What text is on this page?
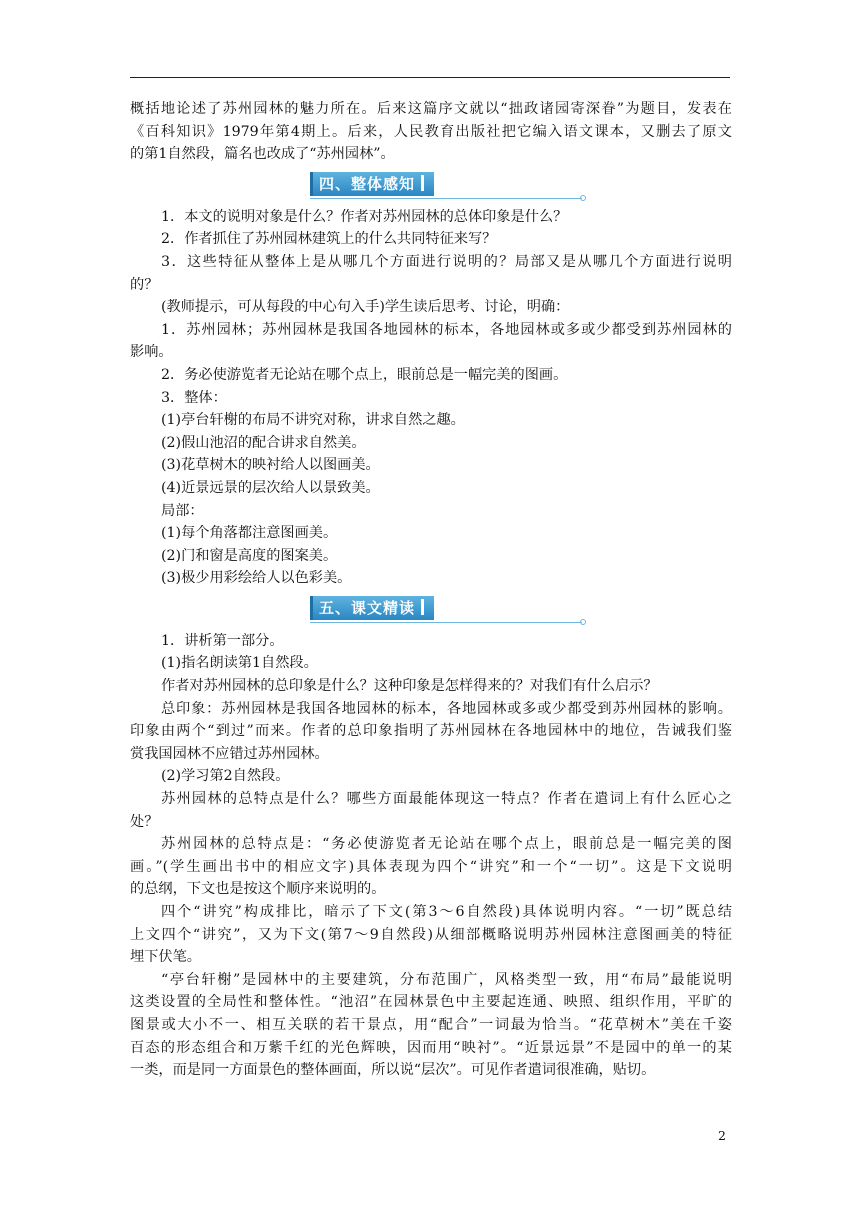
概括地论述了苏州园林的魅力所在。后来这篇序文就以“拙政诸园寄深眷”为题目，发表在
《百科知识》1979年第4期上。后来，人民教育出版社把它编入语文课本，又删去了原文
的第1自然段，篇名也改成了“苏州园林”。
四、整体感知
1．本文的说明对象是什么？作者对苏州园林的总体印象是什么？
2．作者抓住了苏州园林建筑上的什么共同特征来写？
3．这些特征从整体上是从哪几个方面进行说明的？局部又是从哪几个方面进行说明
的？
(教师提示，可从每段的中心句入手)学生读后思考、讨论，明确：
1．苏州园林；苏州园林是我国各地园林的标本，各地园林或多或少都受到苏州园林的
影响。
2．务必使游览者无论站在哪个点上，眼前总是一幅完美的图画。
3．整体：
(1)亭台轩榭的布局不讲究对称，讲求自然之趣。
(2)假山池沼的配合讲求自然美。
(3)花草树木的映衬给人以图画美。
(4)近景远景的层次给人以景致美。
局部：
(1)每个角落都注意图画美。
(2)门和窗是高度的图案美。
(3)极少用彩绘给人以色彩美。
五、课文精读
1．讲析第一部分。
(1)指名朗读第1自然段。
作者对苏州园林的总印象是什么？这种印象是怎样得来的？对我们有什么启示？
总印象：苏州园林是我国各地园林的标本，各地园林或多或少都受到苏州园林的影响。
印象由两个“到过”而来。作者的总印象指明了苏州园林在各地园林中的地位，告诫我们鉴
赏我国园林不应错过苏州园林。
(2)学习第2自然段。
苏州园林的总特点是什么？哪些方面最能体现这一特点？作者在遣词上有什么匠心之
处？
苏州园林的总特点是：“务必使游览者无论站在哪个点上，眼前总是一幅完美的图
画。”(学生画出书中的相应文字)具体表现为四个“讲究”和一个“一切”。这是下文说明
的总纲，下文也是按这个顺序来说明的。
四个“讲究”构成排比，暗示了下文(第3～6自然段)具体说明内容。“一切”既总结
上文四个“讲究”，又为下文(第7～9自然段)从细部概略说明苏州园林注意图画美的特征
埋下伏笔。
“亭台轩榭”是园林中的主要建筑，分布范围广，风格类型一致，用“布局”最能说明
这类设置的全局性和整体性。“池沼”在园林景色中主要起连通、映照、组织作用，平旷的
图景或大小不一、相互关联的若干景点，用“配合”一词最为恰当。“花草树木”美在千姿
百态的形态组合和万紫千红的光色辉映，因而用“映衬”。“近景远景”不是园中的单一的某
一类，而是同一方面景色的整体画面，所以说“层次”。可见作者遣词很准确，贴切。
2
